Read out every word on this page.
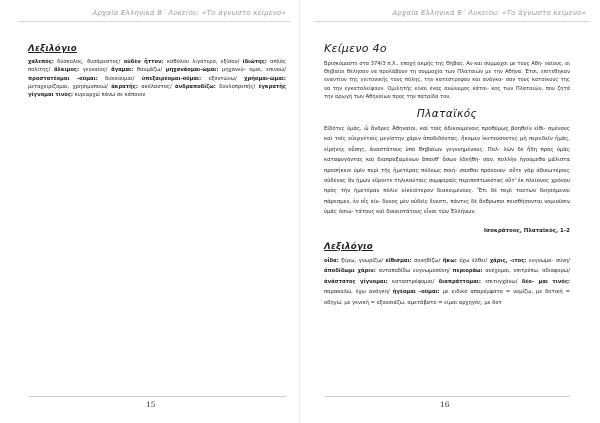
Αρχαία Ελληνικά Β΄ Λυκείου: «Το άγνωστο κείμενο»
Λεξιλόγιο
χαλεπός: δύσκολος, δυσάρεστος/ οὐδὲν ἧττον: καθόλου λιγότερο, εξίσου/ ἰδιώτης: απλός πολίτης/ ἅλκιμος: γενναίος/ ἄγαμαι: θαυμάζω/ μηχανάομαι-ῶμαι: μηχανεύ- ομαι, επινοώ/ προστατέομαι -οῦμαι: διοικούμαι/ ὑπεξαιρέομαι-οῦμαι: εξοντώνω/ χρήομαι-ῶμαι: μεταχειρίζομαι, χρησιμοποιώ/ ἀκρατής: ακόλαστος/ ἀνδραποδίζω: δουλοπρεπής/ ἐγκρατὴς γίγνομαι τινός: κυριαρχώ πάνω σε κάποιον
15
Αρχαία Ελληνικά Β΄ Λυκείου: «Το άγνωστο κείμενο»
Κείμενο 4ο

Βρισκόμαστε στα 374/3 π.Χ., εποχή ακμής της Θήβας. Αν και σύμμαχοι με τους Αθη- ναίους, οι Θηβαίοι θέλησαν να προλάβουν τη συμμαχία των Πλαταιών με την Αθήνα. Έτσι, επιτέθηκαν εναντίον της γειτονικής τους πόλης, την κατέστρεψαν και ανάγκα- σαν τους κατοίκους της να την εγκαταλείψουν. Ομιλητής είναι ένας ανώνυμος κάτοι- κος των Πλαταιών, που ζητά την αρωγή των Αθηναίων προς την πατρίδα του.

Πλαταϊκός

Εἰδότες ὑμᾶς, ὦ ἄνδρες Ἀθηναῖοι, καὶ τοῖς ἀδικουμένοις προθύμως βοηθεῖν εἰθι- σμένους καὶ τοῖς εὐεργέταις μεγίστην χάριν ἀποδιδόντας, ἥκομεν ἱκετεύσοντες μὴ περιιδεῖν ἡμᾶς, εἰρήνης οὔσης, ἀναστάτους ὑπὸ Θηβαίων γεγενημένους. Πολ- λῶν δὲ ἤδη πρὸς ὑμᾶς καταφυγόντας καὶ διαπραξαμένων ἅπανθ' ὅσων ἐδεήθη- σαν, πολλὴν ἡγούμεθα μάλιστα προσήκειν ὑμῖν περὶ τῆς ἡμετέρας πόλεως ποιή- σασθαι πρόνοιαν· οὔτε γὰρ ἀδικωτέροις οὐδένας ἂν ἡμῶν εὕροιτε τηλικαύταις συμφοραῖς περιπεπτωκότας οὔτ' ἐκ πλείονος χρόνου πρὸς τὴν ἡμετέραν πόλιν οἰκειότερον διακειμένους. Ἔτι δὲ περὶ τούτων δεησόμενοι πάρεσμεν, ἐν οἷς κίν- δυνος μὲν οὐδεὶς ἔνεστι, πάντες δὲ ἄνθρωποι πεισθήσονται νομιοῦσιν ὑμᾶς ὁσιω- τάτους καὶ δικαιοτάτους εἶναι τῶν Ἑλλήνων.

Ισοκράτους, Πλαταϊκός, 1-2
Λεξιλόγιο
οἶδα: ξέρω, γνωρίζω/ εἴθισμαι: συνηθίζω/ ἥκω: έχω έλθει/ χάρις, -ιτος: ευγνωμο- σύνη/ ἀποδίδωμι χάριν: ανταποδίδω ευγνωμοσύνη/ περιοράω: ανέχομαι, επιτρέπω, αδιαφορώ/ ἀνάστατος γίγνομαι: καταστρέφομαι/ διαπράττομαι: επιτυγχάνω/ δέο- μαι τινός: παρακαλώ, έχω ανάγκη/ ἡγέομαι -οῦμαι: με ειδικό απαρέμφατο = νομίζω, με δοτική = οδηγώ, με γενική = εξουσιάζω, αμετάβατο = είμαι αρχηγός, με δοτ
16
